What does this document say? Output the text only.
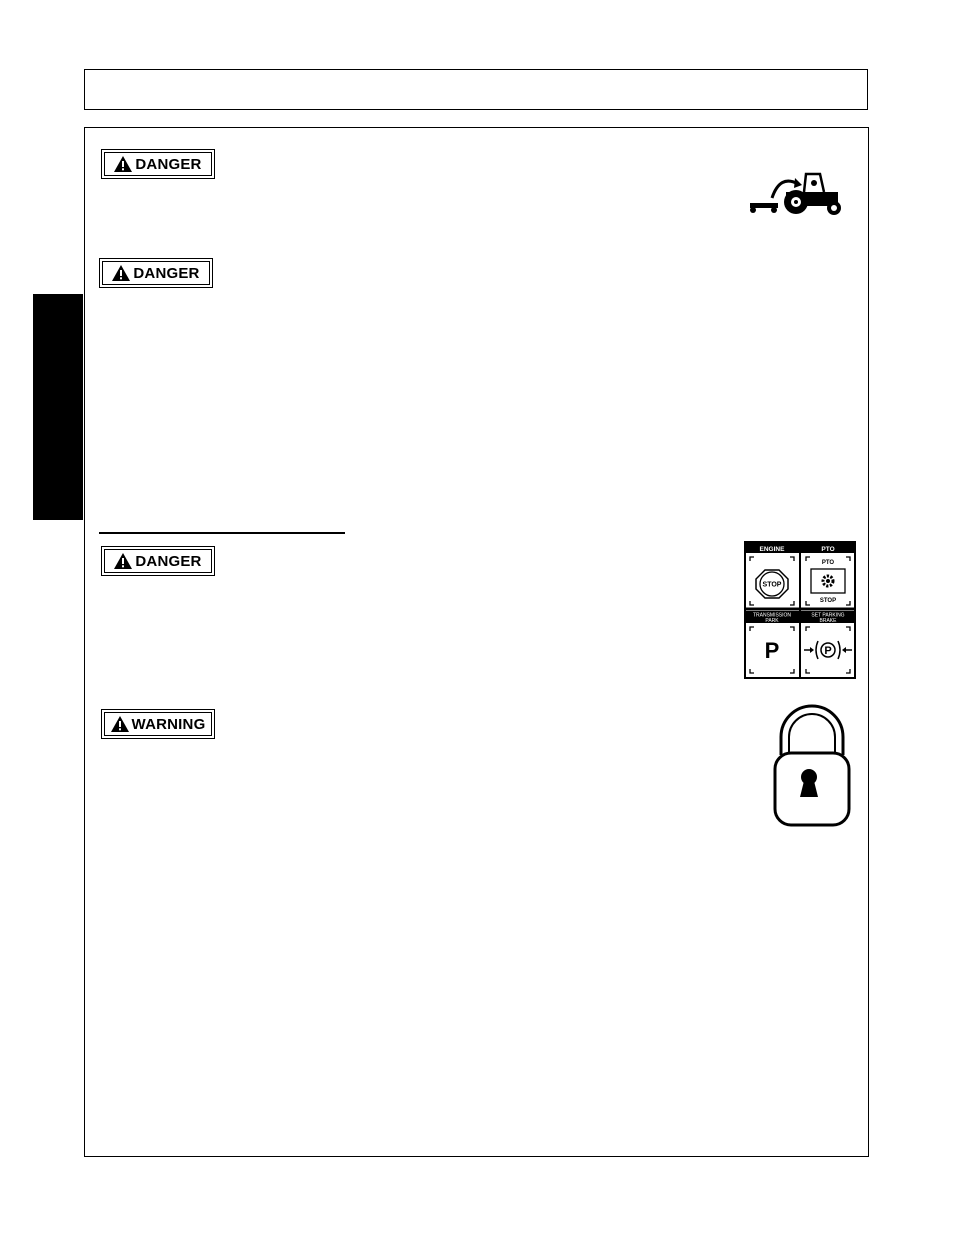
DANGER
DANGER
DANGER
ENGINE	PTO
TRANSMISSION
PARK
SET PARKING
BRAKE
STOP
PTO
STOP
P	P
WARNING
